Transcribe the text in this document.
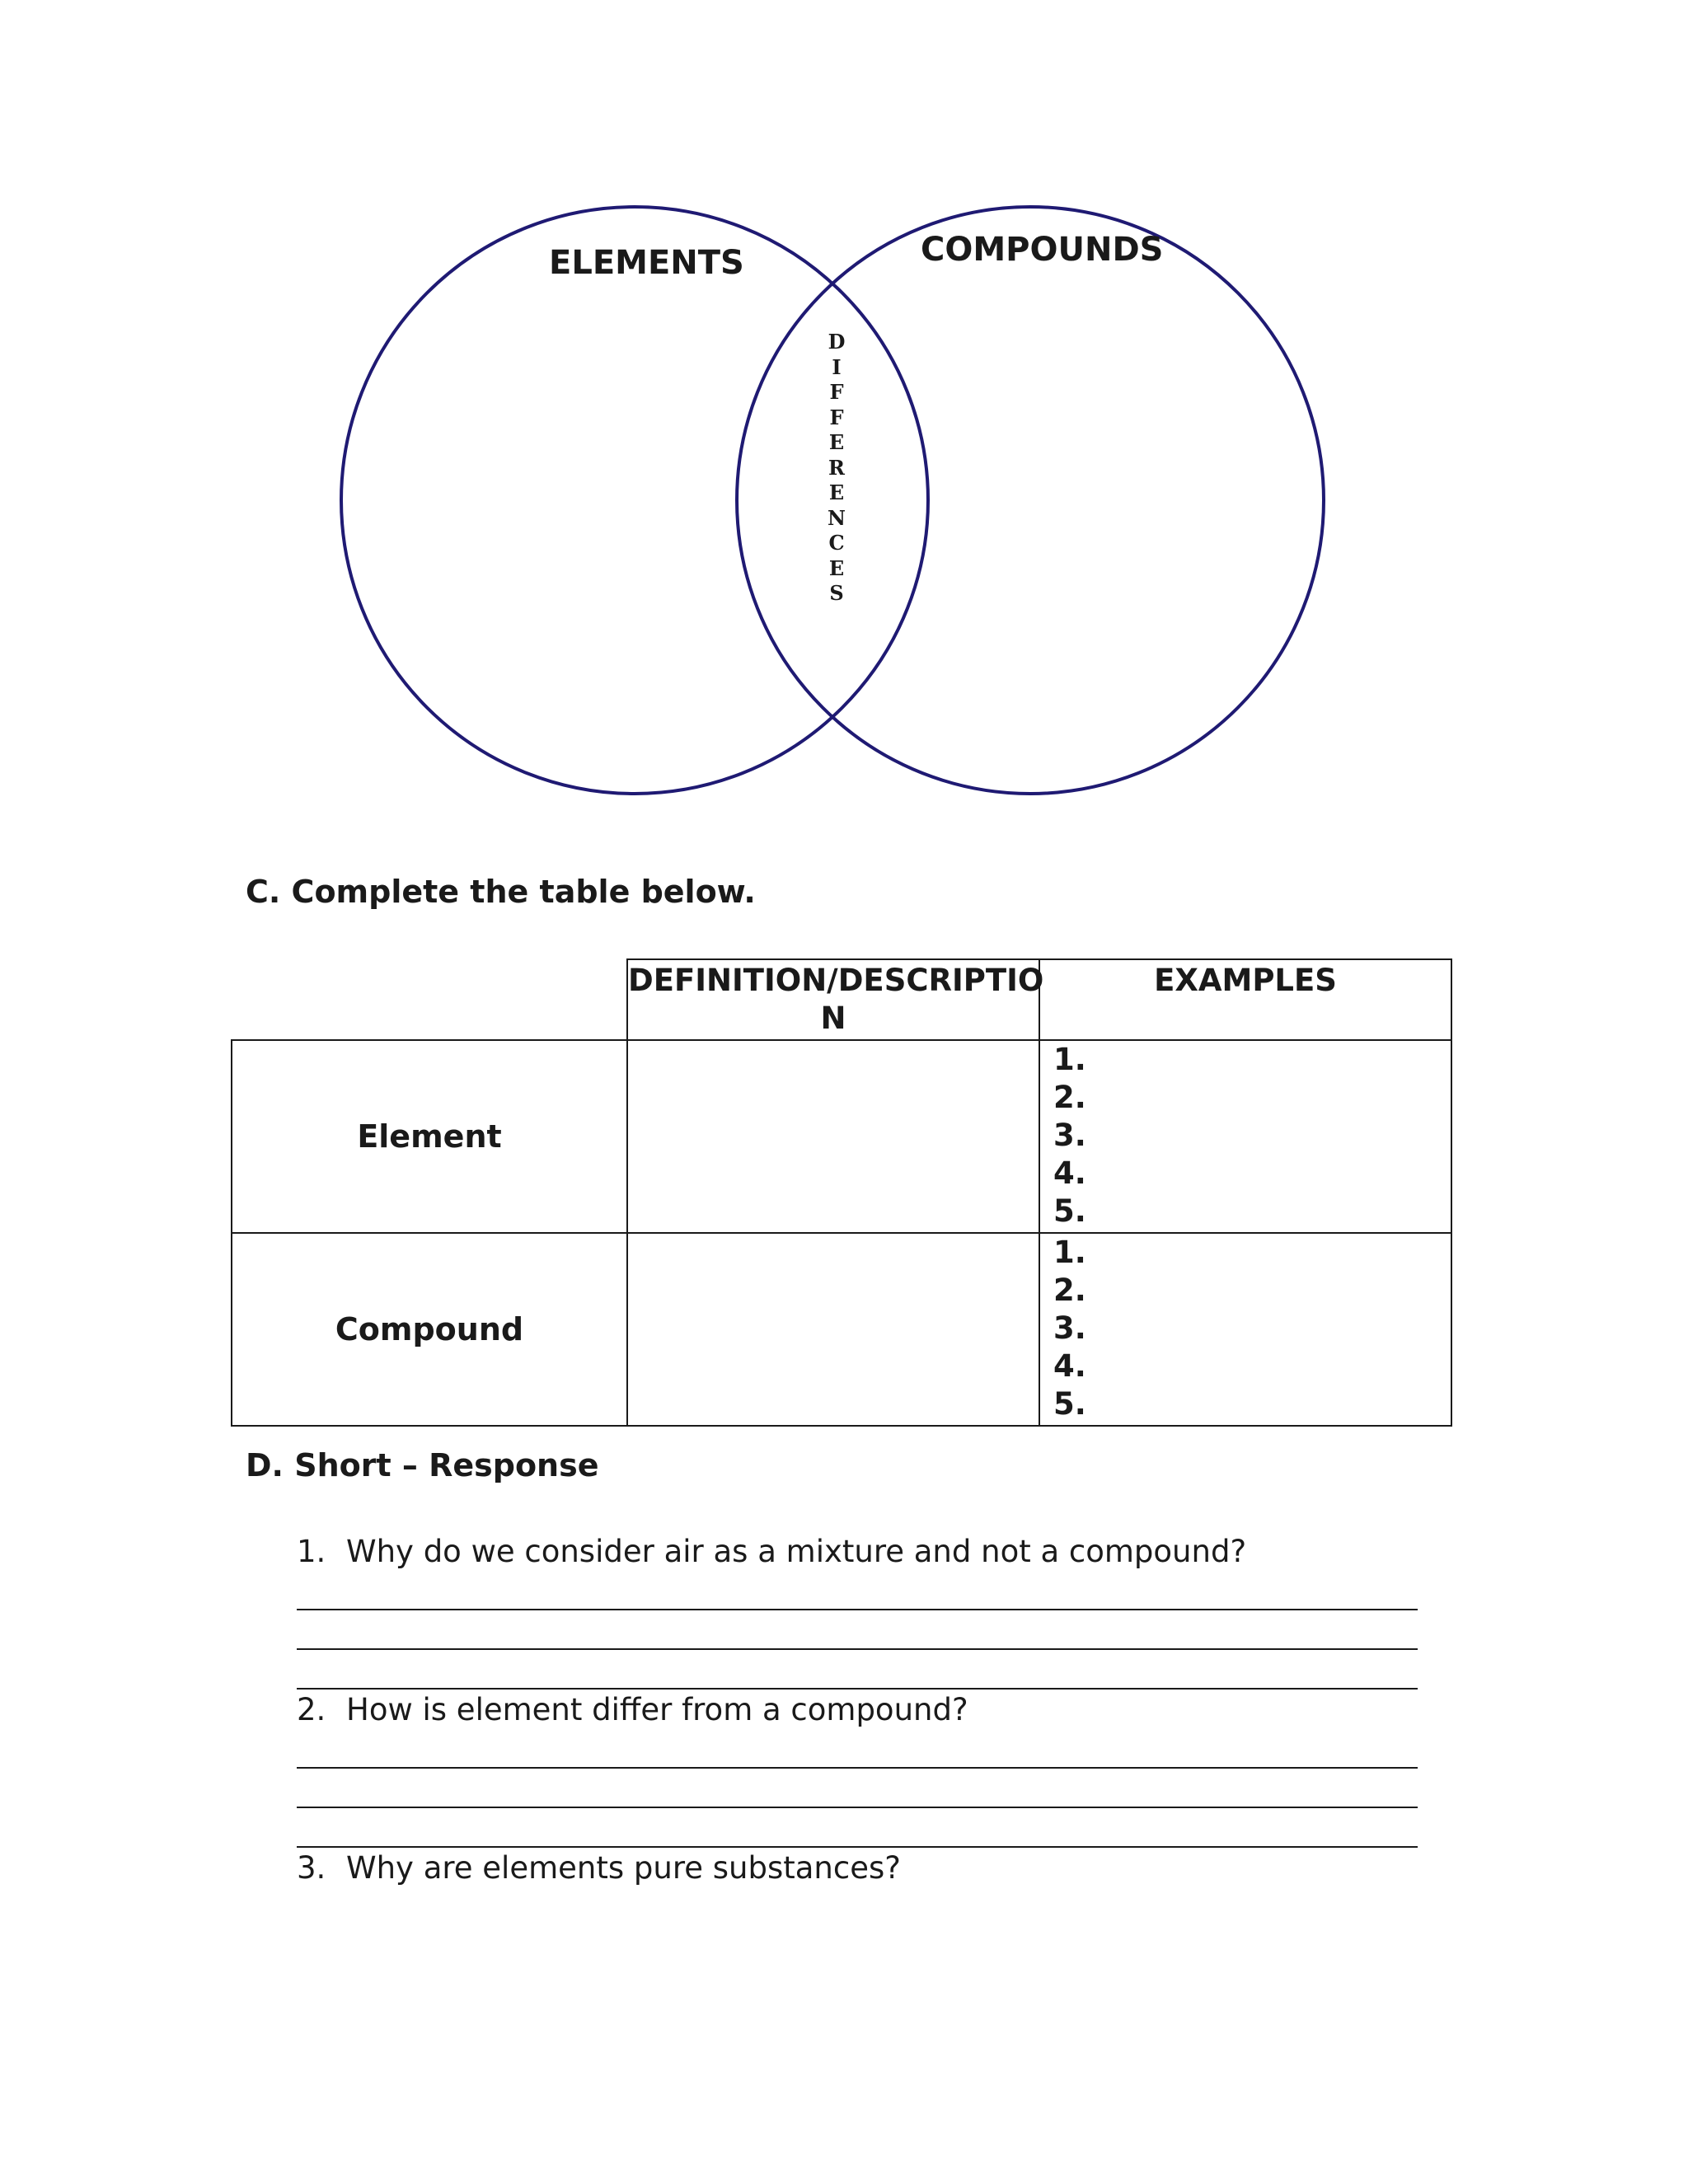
ELEMENTS	COMPOUNDS
D
I
F
F
E
R
E
N
C
E
S
C. Complete the table below.
	DEFINITION/DESCRIPTIO N	EXAMPLES
Element		1.
2.
3.
4.
5.

Compound		1.
2.
3.
4.
5.
D. Short – Response
1. Why do we consider air as a mixture and not a compound?
2. How is element differ from a compound?
3. Why are elements pure substances?
